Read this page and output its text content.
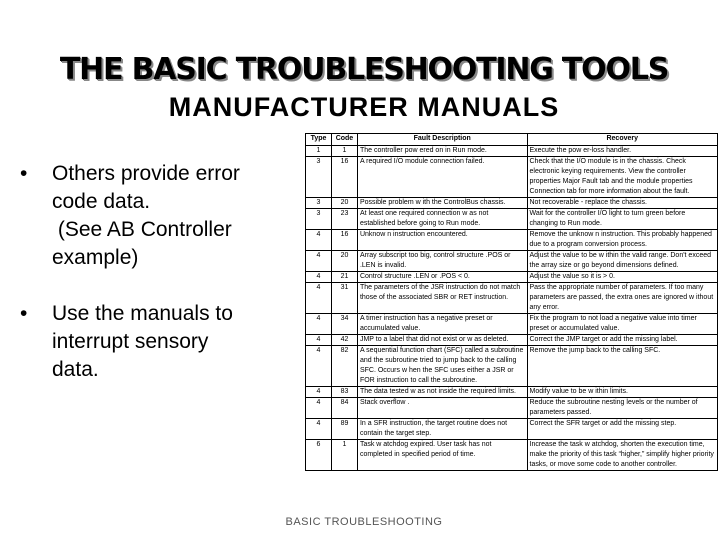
THE BASIC TROUBLESHOOTING TOOLS
MANUFACTURER MANUALS
•	Others provide error
code data.
(See AB Controller
example)
•	Use the manuals to
interrupt sensory
data.
Type	Code	Fault Description	Recovery
1	1	The controller pow ered on in Run mode.	Execute the pow er-loss handler.
3	16	A required I/O module connection failed.	Check that the I/O module is in the chassis. Check electronic keying requirements. View the controller properties Major Fault tab and the module properties Connection tab for more information about the fault.
3	20	Possible problem w ith the ControlBus chassis.	Not recoverable - replace the chassis.
3	23	At least one required connection w as not established before going to Run mode.	Wait for the controller I/O light to turn green before changing to Run mode.
4	16	Unknow n instruction encountered.	Remove the unknow n instruction. This probably happened due to a program conversion process.
4	20	Array subscript too big, control structure .POS or .LEN is invalid.	Adjust the value to be w ithin the valid range. Don't exceed the array size or go beyond dimensions defined.
4	21	Control structure .LEN or .POS < 0.	Adjust the value so it is > 0.
4	31	The parameters of the JSR instruction do not match those of the associated SBR or RET instruction.	Pass the appropriate number of parameters. If too many parameters are passed, the extra ones are ignored w ithout any error.
4	34	A timer instruction has a negative preset or accumulated value.	Fix the program to not load a negative value into timer preset or accumulated value.
4	42	JMP to a label that did not exist or w as deleted.	Correct the JMP target or add the missing label.
4	82	A sequential function chart (SFC) called a subroutine and the subroutine tried to jump back to the calling SFC. Occurs w hen the SFC uses either a JSR or FOR instruction to call the subroutine.	Remove the jump back to the calling SFC.
4	83	The data tested w as not inside the required limits.	Modify value to be w ithin limits.
4	84	Stack overflow .	Reduce the subroutine nesting levels or the number of parameters passed.
4	89	In a SFR instruction, the target routine does not contain the target step.	Correct the SFR target or add the missing step.
6	1	Task w atchdog expired. User task has not completed in specified period of time.	Increase the task w atchdog, shorten the execution time, make the priority of this task “higher,” simplify higher priority tasks, or move some code to another controller.
BASIC TROUBLESHOOTING
